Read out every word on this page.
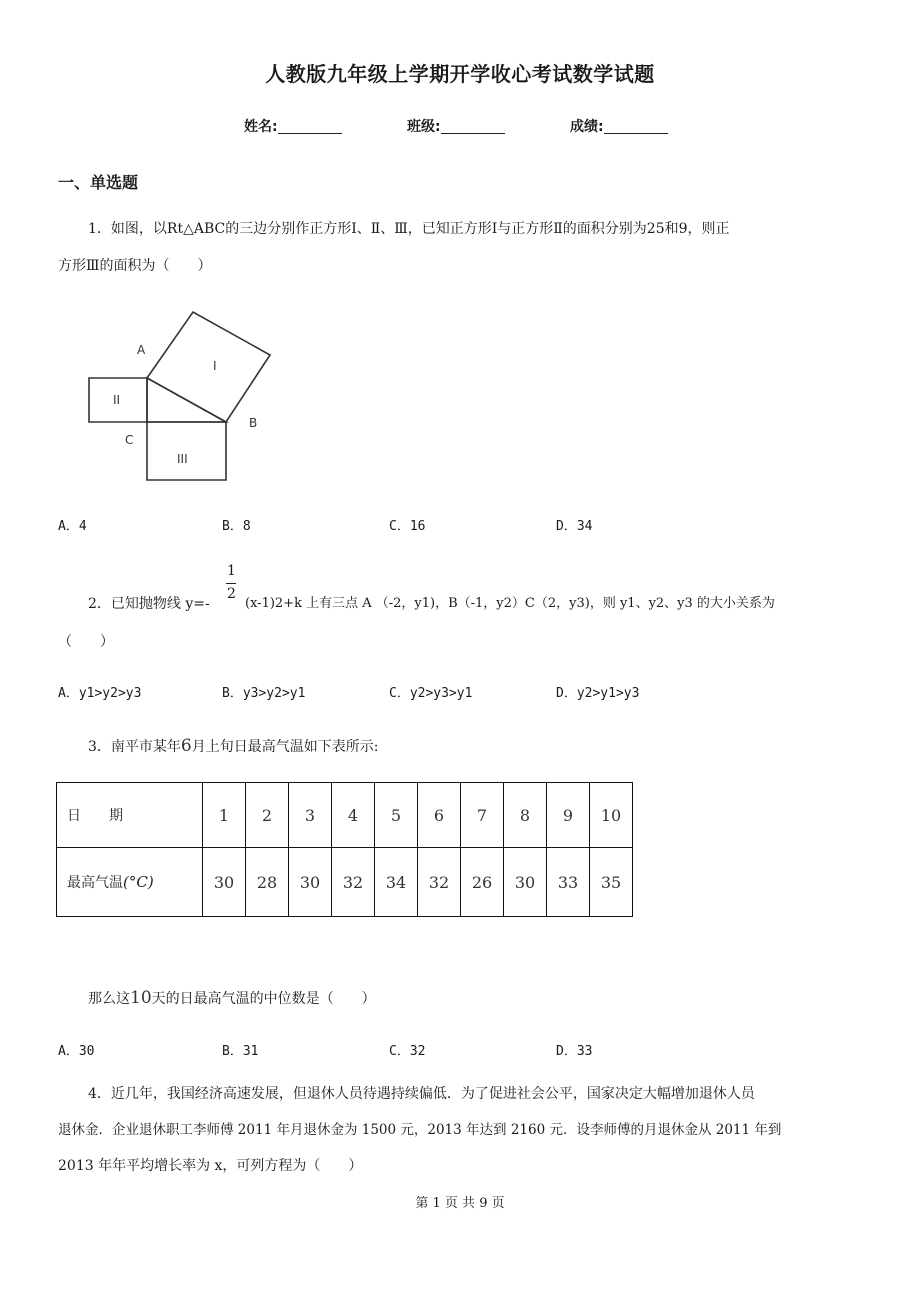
人教版九年级上学期开学收心考试数学试题
姓名:	班级:	成绩:
一、单选题
1．如图，以Rt△ABC的三边分别作正方形Ⅰ、Ⅱ、Ⅲ，已知正方形Ⅰ与正方形Ⅱ的面积分别为25和9，则正
方形Ⅲ的面积为（　　）
A
B
C
I
II
III
A．4	B．8	C．16	D．34
1
2
2．已知抛物线 y=-	(x-1)2+k 上有三点 A （-2，y1)，B（-1，y2）C（2，y3)，则 y1、y2、y3 的大小关系为
（　　）
A．y1>y2>y3	B．y3>y2>y1	C．y2>y3>y1	D．y2>y1>y3
3．南平市某年6月上旬日最高气温如下表所示:
日　　期	1	2	3	4	5	6	7	8	9	10
最高气温(°C)	30	28	30	32	34	32	26	30	33	35
那么这10天的日最高气温的中位数是（　　）
A．30	B．31	C．32	D．33
4．近几年，我国经济高速发展，但退休人员待遇持续偏低．为了促进社会公平，国家决定大幅增加退休人员
退休金．企业退休职工李师傅 2011 年月退休金为 1500 元，2013 年达到 2160 元．设李师傅的月退休金从 2011 年到
2013 年年平均增长率为 x，可列方程为（　　）
第 1 页 共 9 页
